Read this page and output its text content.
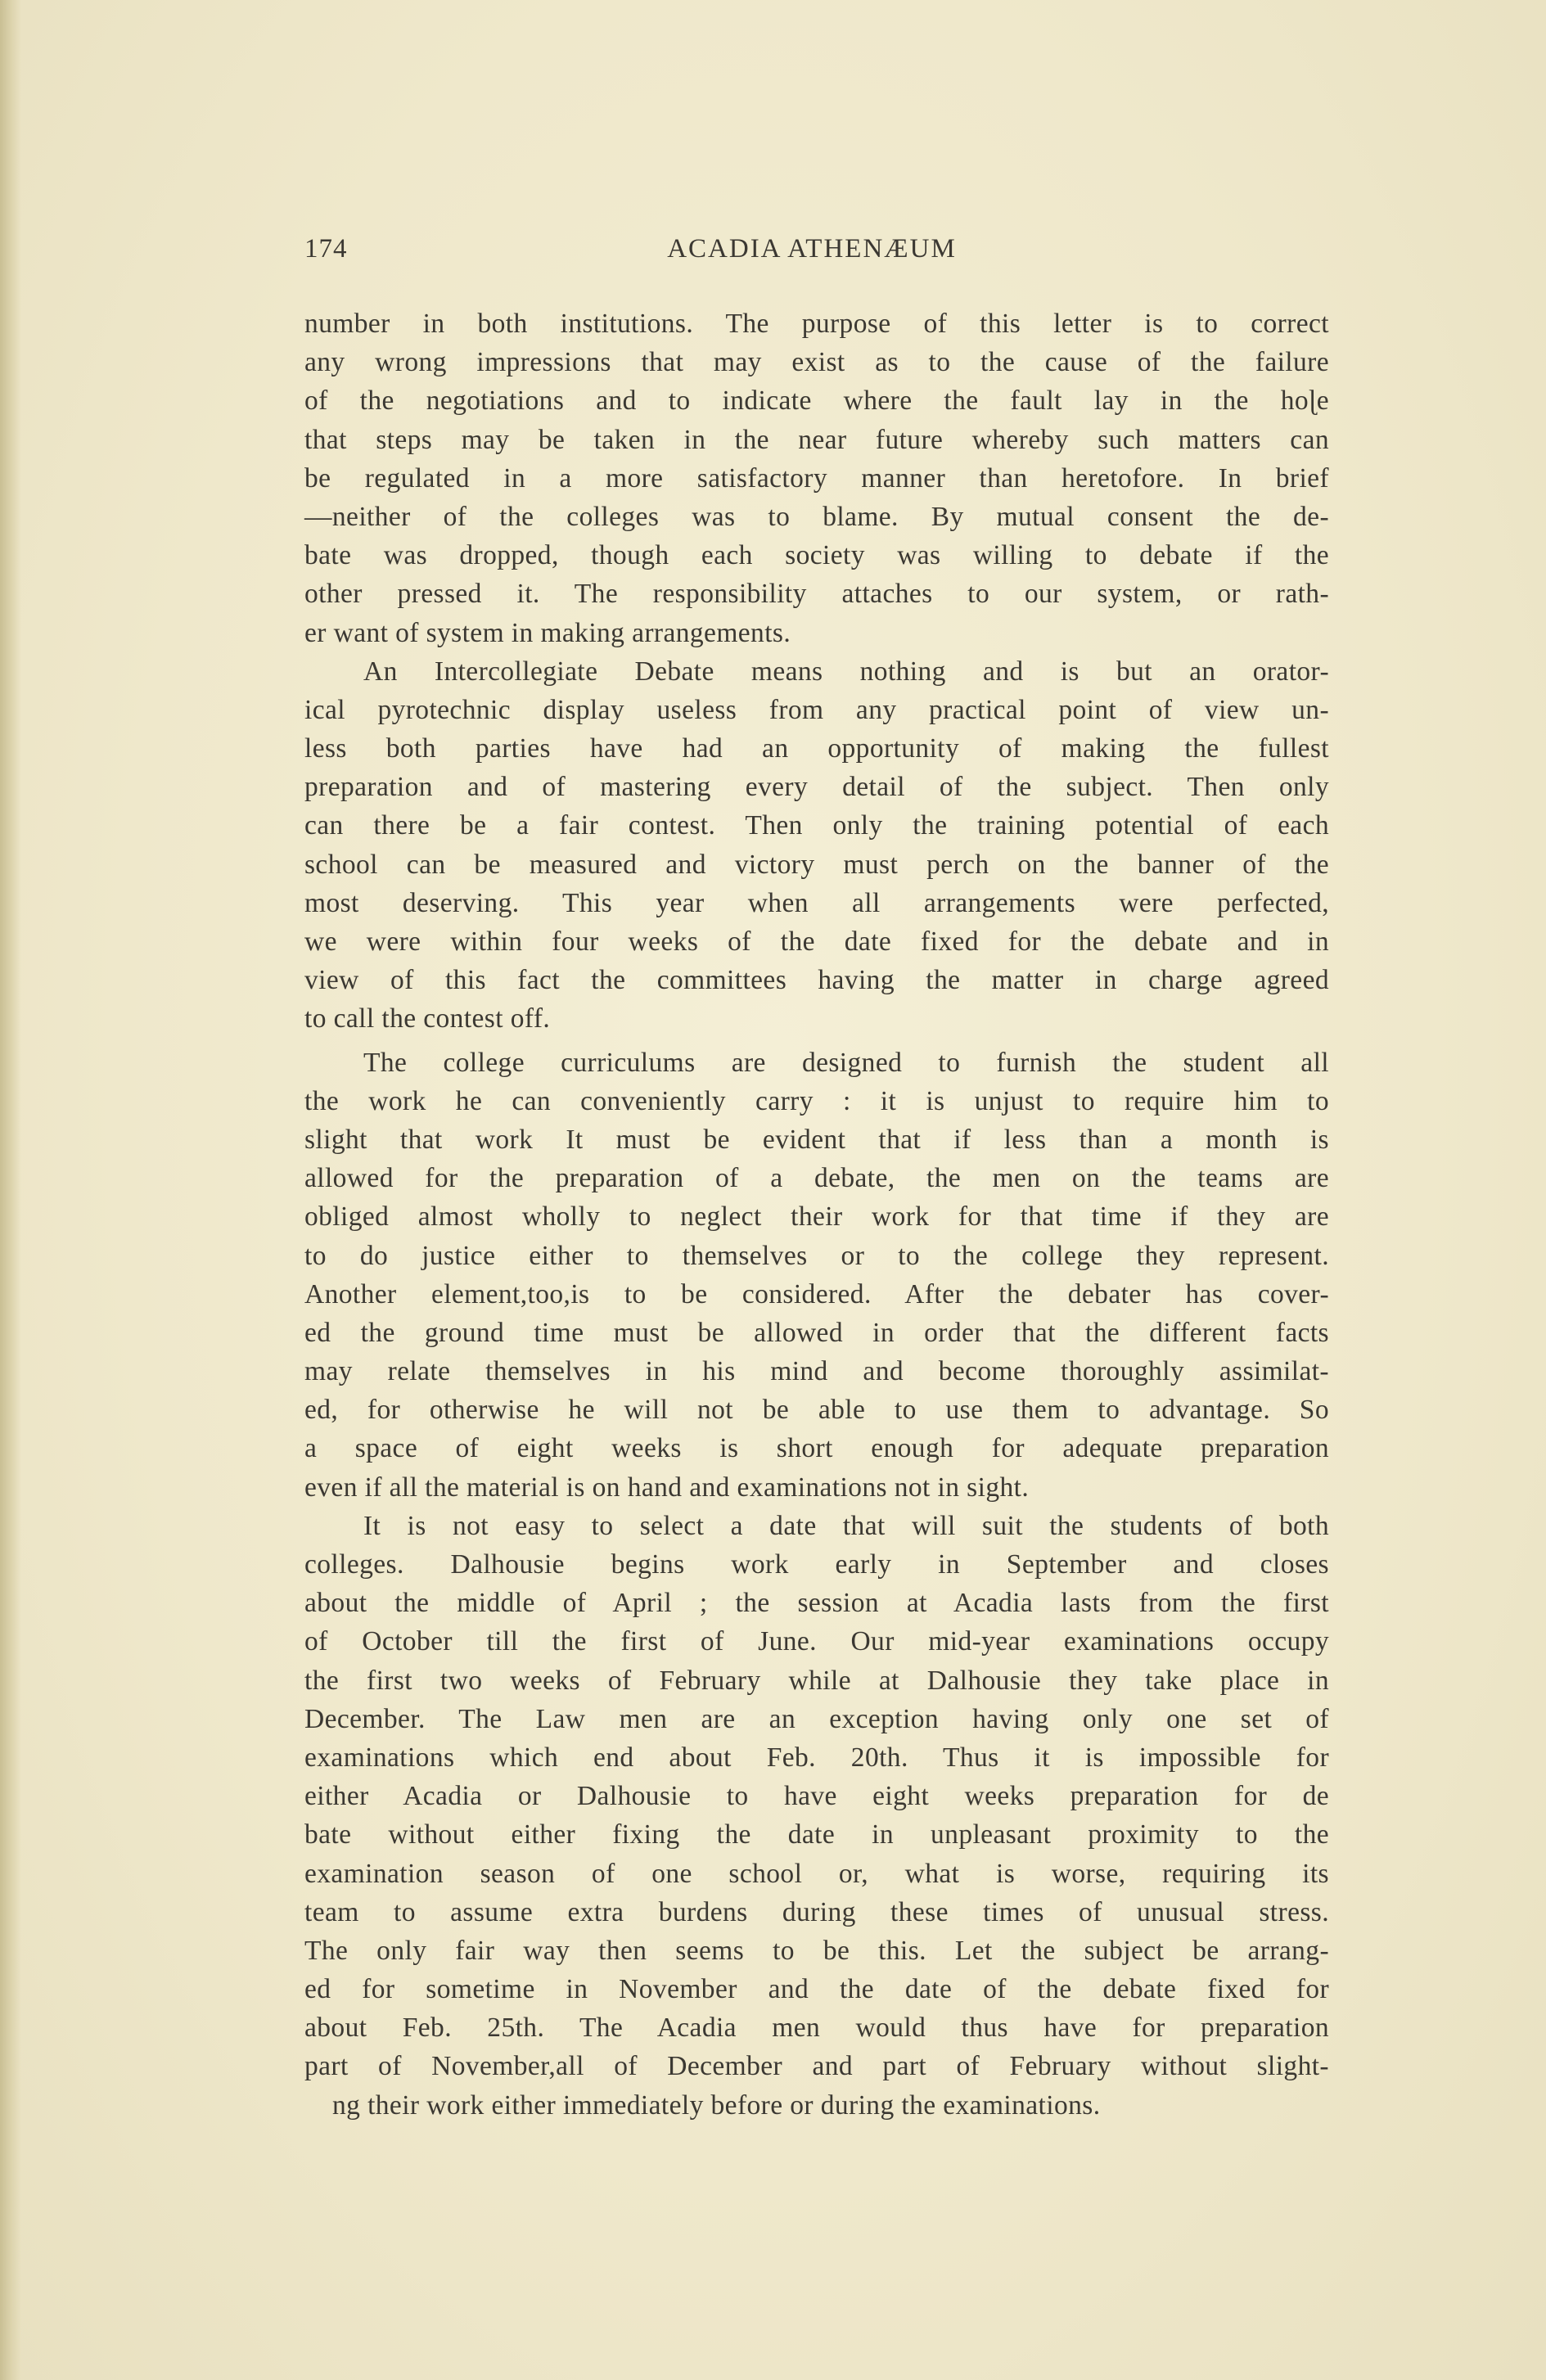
174	ACADIA ATHENÆUM
number in both institutions. The purpose of this letter is to correct
any wrong impressions that may exist as to the cause of the failure
of the negotiations and to indicate where the fault lay in the hoɭe
that steps may be taken in the near future whereby such matters can
be regulated in a more satisfactory manner than heretofore. In brief
—neither of the colleges was to blame. By mutual consent the de-
bate was dropped, though each society was willing to debate if the
other pressed it. The responsibility attaches to our system, or rath-
er want of system in making arrangements.
An Intercollegiate Debate means nothing and is but an orator-
ical pyrotechnic display useless from any practical point of view un-
less both parties have had an opportunity of making the fullest
preparation and of mastering every detail of the subject. Then only
can there be a fair contest. Then only the training potential of each
school can be measured and victory must perch on the banner of the
most deserving. This year when all arrangements were perfected,
we were within four weeks of the date fixed for the debate and in
view of this fact the committees having the matter in charge agreed
to call the contest off.
The college curriculums are designed to furnish the student all
the work he can conveniently carry : it is unjust to require him to
slight that work It must be evident that if less than a month is
allowed for the preparation of a debate, the men on the teams are
obliged almost wholly to neglect their work for that time if they are
to do justice either to themselves or to the college they represent.
Another element,too,is to be considered. After the debater has cover-
ed the ground time must be allowed in order that the different facts
may relate themselves in his mind and become thoroughly assimilat-
ed, for otherwise he will not be able to use them to advantage. So
a space of eight weeks is short enough for adequate preparation
even if all the material is on hand and examinations not in sight.
It is not easy to select a date that will suit the students of both
colleges. Dalhousie begins work early in September and closes
about the middle of April ; the session at Acadia lasts from the first
of October till the first of June. Our mid-year examinations occupy
the first two weeks of February while at Dalhousie they take place in
December. The Law men are an exception having only one set of
examinations which end about Feb. 20th. Thus it is impossible for
either Acadia or Dalhousie to have eight weeks preparation for de
bate without either fixing the date in unpleasant proximity to the
examination season of one school or, what is worse, requiring its
team to assume extra burdens during these times of unusual stress.
The only fair way then seems to be this. Let the subject be arrang-
ed for sometime in November and the date of the debate fixed for
about Feb. 25th. The Acadia men would thus have for preparation
part of November,all of December and part of February without slight-
ng their work either immediately before or during the examinations.
